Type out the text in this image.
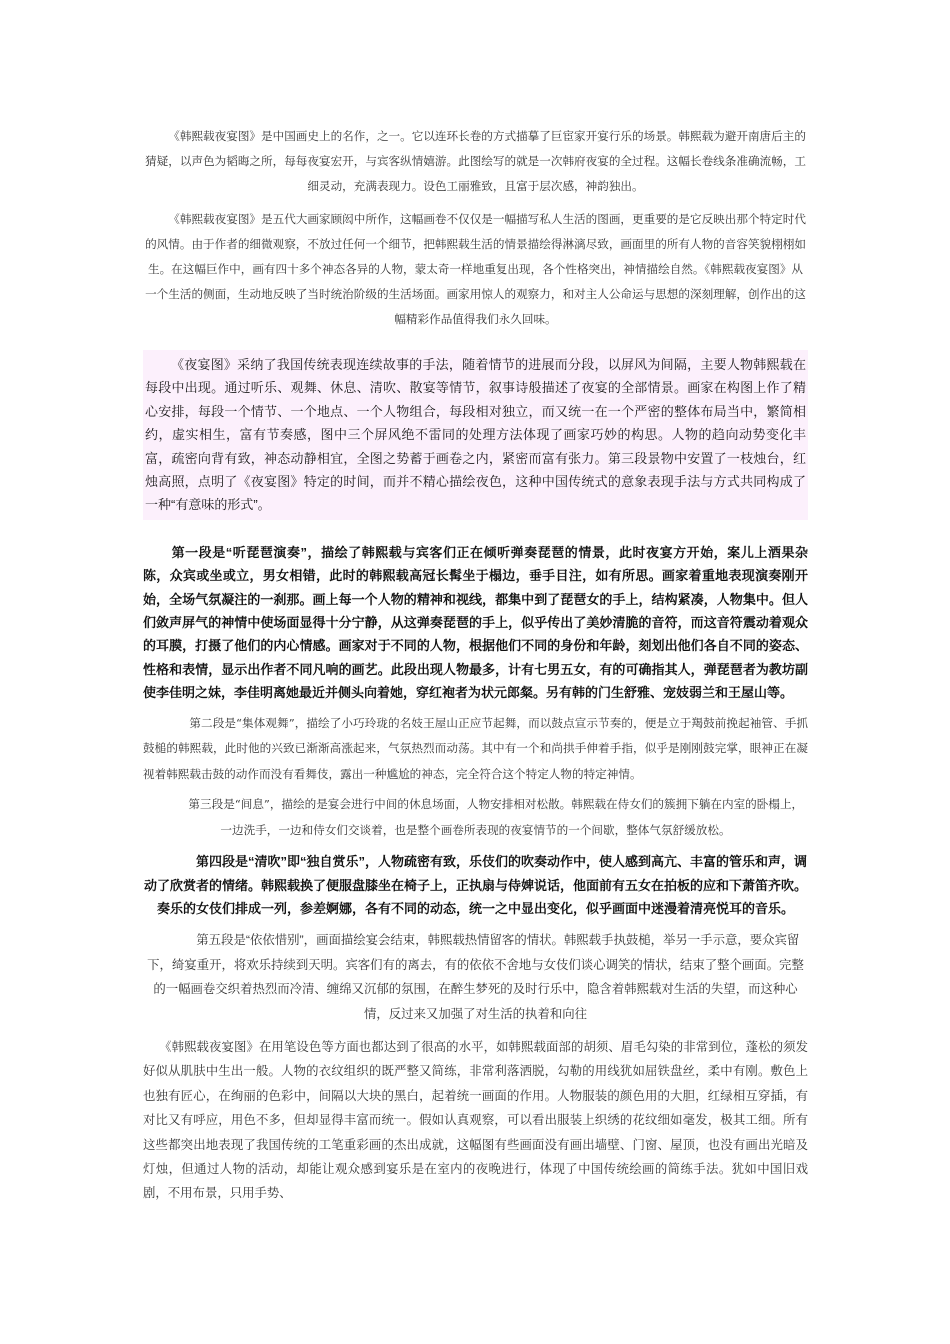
《韩熙载夜宴图》是中国画史上的名作，之一。它以连环长卷的方式描摹了巨宦家开宴行乐的场景。韩熙载为避开南唐后主的猜疑，以声色为韬晦之所，每每夜宴宏开，与宾客纵情嬉游。此图绘写的就是一次韩府夜宴的全过程。这幅长卷线条准确流畅，工细灵动，充满表现力。设色工丽雅致，且富于层次感，神韵独出。

《韩熙载夜宴图》是五代大画家顾闳中所作，这幅画卷不仅仅是一幅描写私人生活的图画，更重要的是它反映出那个特定时代的风情。由于作者的细微观察，不放过任何一个细节，把韩熙载生活的情景描绘得淋漓尽致，画面里的所有人物的音容笑貌栩栩如生。在这幅巨作中，画有四十多个神态各异的人物，蒙太奇一样地重复出现，各个性格突出，神情描绘自然。《韩熙载夜宴图》从一个生活的侧面，生动地反映了当时统治阶级的生活场面。画家用惊人的观察力，和对主人公命运与思想的深刻理解，创作出的这幅精彩作品值得我们永久回味。

《夜宴图》采纳了我国传统表现连续故事的手法，随着情节的进展而分段，以屏风为间隔，主要人物韩熙载在每段中出现。通过听乐、观舞、休息、清吹、散宴等情节，叙事诗般描述了夜宴的全部情景。画家在构图上作了精心安排，每段一个情节、一个地点、一个人物组合，每段相对独立，而又统一在一个严密的整体布局当中，繁简相约，虚实相生，富有节奏感，图中三个屏风绝不雷同的处理方法体现了画家巧妙的构思。人物的趋向动势变化丰富，疏密向背有致，神态动静相宜，全图之势蓄于画卷之内，紧密而富有张力。第三段景物中安置了一枝烛台，红烛高照，点明了《夜宴图》特定的时间，而并不精心描绘夜色，这种中国传统式的意象表现手法与方式共同构成了一种“有意味的形式”。

第一段是“听琵琶演奏”，描绘了韩熙载与宾客们正在倾听弹奏琵琶的情景，此时夜宴方开始，案儿上酒果杂陈，众宾或坐或立，男女相错，此时的韩熙载高冠长髯坐于榻边，垂手目注，如有所思。画家着重地表现演奏刚开始，全场气氛凝注的一刹那。画上每一个人物的精神和视线，都集中到了琵琶女的手上，结构紧凑，人物集中。但人们敛声屏气的神情中使场面显得十分宁静，从这弹奏琵琶的手上，似乎传出了美妙清脆的音符，而这音符震动着观众的耳膜，打摄了他们的内心情感。画家对于不同的人物，根据他们不同的身份和年龄，刻划出他们各自不同的姿态、性格和表情，显示出作者不同凡响的画艺。此段出现人物最多，计有七男五女，有的可确指其人，弹琵琶者为教坊副使李佳明之妹，李佳明离她最近并侧头向着她，穿红袍者为状元郎粲。另有韩的门生舒雅、宠妓弱兰和王屋山等。

第二段是“集体观舞”，描绘了小巧玲珑的名妓王屋山正应节起舞，而以鼓点宣示节奏的，便是立于羯鼓前挽起袖管、手抓鼓槌的韩熙载，此时他的兴致已渐渐高涨起来，气氛热烈而动荡。其中有一个和尚拱手伸着手指，似乎是刚刚鼓完掌，眼神正在凝视着韩熙载击鼓的动作而没有看舞伎，露出一种尴尬的神态，完全符合这个特定人物的特定神情。

第三段是“间息”，描绘的是宴会进行中间的休息场面，人物安排相对松散。韩熙载在侍女们的簇拥下躺在内室的卧榻上，一边洗手，一边和侍女们交谈着，也是整个画卷所表现的夜宴情节的一个间歇，整体气氛舒缓放松。

第四段是“清吹”即“独自赏乐”，人物疏密有致，乐伎们的吹奏动作中，使人感到高亢、丰富的管乐和声，调动了欣赏者的情绪。韩熙载换了便服盘膝坐在椅子上，正执扇与侍婢说话，他面前有五女在拍板的应和下萧笛齐吹。奏乐的女伎们排成一列，参差婀娜，各有不同的动态，统一之中显出变化，似乎画面中迷漫着清亮悦耳的音乐。

第五段是“依依惜别”，画面描绘宴会结束，韩熙载热情留客的情状。韩熙载手执鼓槌，举另一手示意，要众宾留下，绮宴重开，将欢乐持续到天明。宾客们有的离去，有的依依不舍地与女伎们谈心调笑的情状，结束了整个画面。完整的一幅画卷交织着热烈而冷清、缠绵又沉郁的氛围，在醉生梦死的及时行乐中，隐含着韩熙载对生活的失望，而这种心情，反过来又加强了对生活的执着和向往

《韩熙载夜宴图》在用笔设色等方面也都达到了很高的水平，如韩熙载面部的胡须、眉毛勾染的非常到位，蓬松的须发好似从肌肤中生出一般。人物的衣纹组织的既严整又简练，非常利落洒脱，勾勒的用线犹如屈铁盘丝，柔中有刚。敷色上也独有匠心，在绚丽的色彩中，间隔以大块的黑白，起着统一画面的作用。人物服装的颜色用的大胆，红绿相互穿插，有对比又有呼应，用色不多，但却显得丰富而统一。假如认真观察，可以看出服装上织绣的花纹细如毫发，极其工细。所有这些都突出地表现了我国传统的工笔重彩画的杰出成就，这幅图有些画面没有画出墙壁、门窗、屋顶，也没有画出光暗及灯烛，但通过人物的活动，却能让观众感到宴乐是在室内的夜晚进行，体现了中国传统绘画的简练手法。犹如中国旧戏剧，不用布景，只用手势、
